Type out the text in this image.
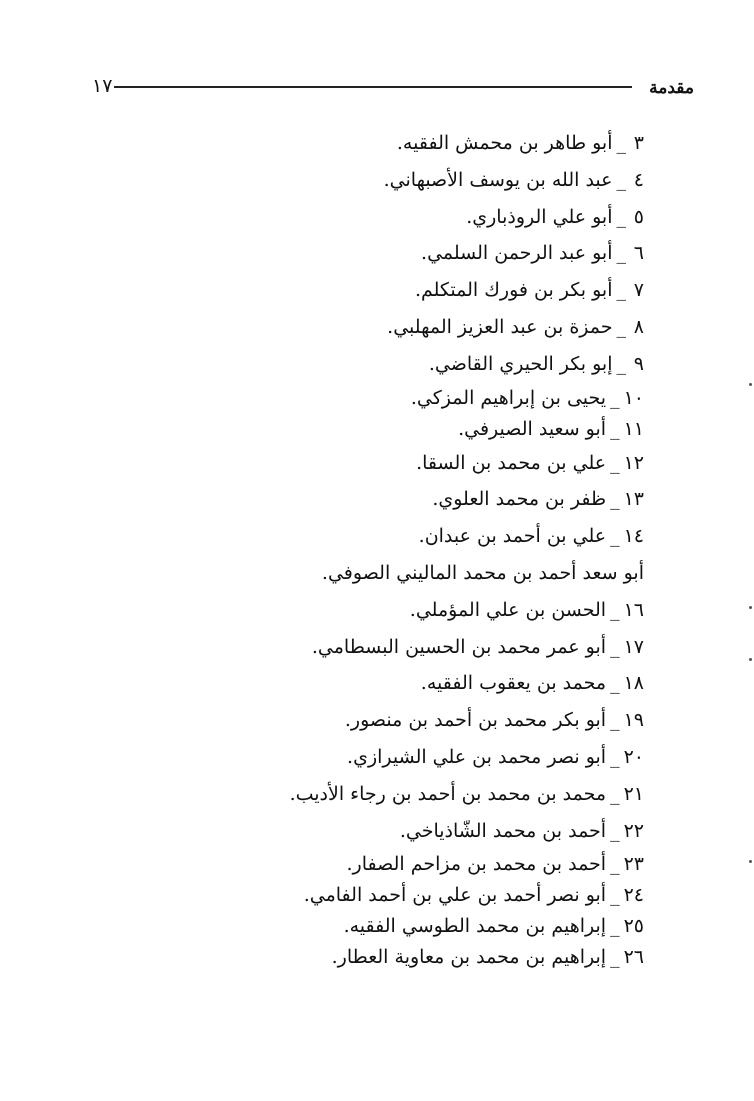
١٧	مقدمة
٣_أبو طاهر بن محمش الفقيه.
٤_عبد الله بن يوسف الأصبهاني.
٥_أبو علي الروذباري.
٦_أبو عبد الرحمن السلمي.
٧_أبو بكر بن فورك المتكلم.
٨_حمزة بن عبد العزيز المهلبي.
٩_إبو بكر الحيري القاضي.
١٠_يحيى بن إبراهيم المزكي.
١١_أبو سعيد الصيرفي.
١٢_علي بن محمد بن السقا.
١٣_ظفر بن محمد العلوي.
١٤_علي بن أحمد بن عبدان.
أبو سعد أحمد بن محمد الماليني الصوفي.
١٦_الحسن بن علي المؤملي.
١٧_أبو عمر محمد بن الحسين البسطامي.
١٨_محمد بن يعقوب الفقيه.
١٩_أبو بكر محمد بن أحمد بن منصور.
٢٠_أبو نصر محمد بن علي الشيرازي.
٢١_محمد بن محمد بن أحمد بن رجاء الأديب.
٢٢_أحمد بن محمد الشّاذياخي.
٢٣_أحمد بن محمد بن مزاحم الصفار.
٢٤_أبو نصر أحمد بن علي بن أحمد الفامي.
٢٥_إبراهيم بن محمد الطوسي الفقيه.
٢٦_إبراهيم بن محمد بن معاوية العطار.
